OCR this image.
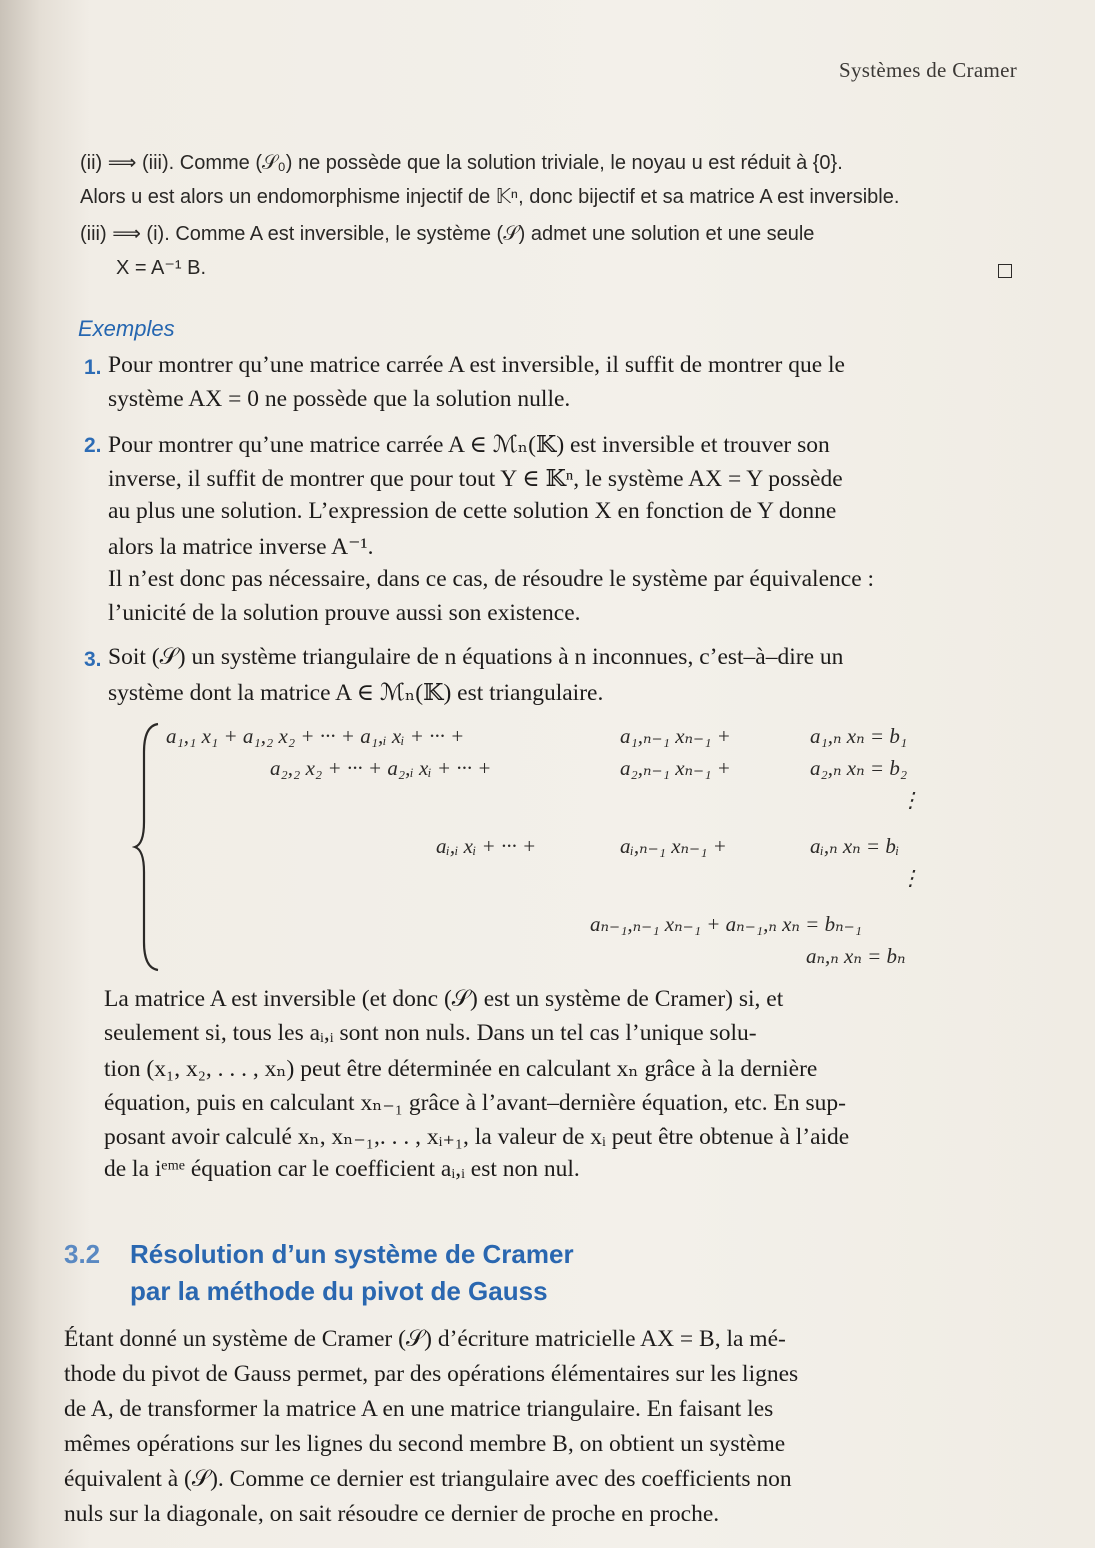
Systèmes de Cramer
(ii) ⟹ (iii). Comme (𝒮₀) ne possède que la solution triviale, le noyau u est réduit à {0}.
Alors u est alors un endomorphisme injectif de 𝕂ⁿ, donc bijectif et sa matrice A est inversible.
(iii) ⟹ (i). Comme A est inversible, le système (𝒮) admet une solution et une seule
X = A⁻¹ B.
Exemples
1. Pour montrer qu’une matrice carrée A est inversible, il suffit de montrer que le
système AX = 0 ne possède que la solution nulle.
2. Pour montrer qu’une matrice carrée A ∈ ℳₙ(𝕂) est inversible et trouver son
inverse, il suffit de montrer que pour tout Y ∈ 𝕂ⁿ, le système AX = Y possède
au plus une solution. L’expression de cette solution X en fonction de Y donne
alors la matrice inverse A⁻¹.
Il n’est donc pas nécessaire, dans ce cas, de résoudre le système par équivalence :
l’unicité de la solution prouve aussi son existence.
3. Soit (𝒮) un système triangulaire de n équations à n inconnues, c’est–à–dire un
système dont la matrice A ∈ ℳₙ(𝕂) est triangulaire.
a₁,₁ x₁ + a₁,₂ x₂ + ··· + a₁,ᵢ xᵢ + ··· +	a₁,ₙ₋₁ xₙ₋₁ +	a₁,ₙ xₙ = b₁
a₂,₂ x₂ + ··· + a₂,ᵢ xᵢ + ··· +	a₂,ₙ₋₁ xₙ₋₁ +	a₂,ₙ xₙ = b₂
⋮
aᵢ,ᵢ xᵢ + ··· +	aᵢ,ₙ₋₁ xₙ₋₁ +	aᵢ,ₙ xₙ = bᵢ
⋮
aₙ₋₁,ₙ₋₁ xₙ₋₁ + aₙ₋₁,ₙ xₙ = bₙ₋₁
aₙ,ₙ xₙ = bₙ
La matrice A est inversible (et donc (𝒮) est un système de Cramer) si, et
seulement si, tous les aᵢ,ᵢ sont non nuls. Dans un tel cas l’unique solu-
tion (x₁, x₂, . . . , xₙ) peut être déterminée en calculant xₙ grâce à la dernière
équation, puis en calculant xₙ₋₁ grâce à l’avant–dernière équation, etc. En sup-
posant avoir calculé xₙ, xₙ₋₁,. . . , xᵢ₊₁, la valeur de xᵢ peut être obtenue à l’aide
de la iᵉᵐᵉ équation car le coefficient aᵢ,ᵢ est non nul.
3.2 Résolution d’un système de Cramer
par la méthode du pivot de Gauss
Étant donné un système de Cramer (𝒮) d’écriture matricielle AX = B, la mé-
thode du pivot de Gauss permet, par des opérations élémentaires sur les lignes
de A, de transformer la matrice A en une matrice triangulaire. En faisant les
mêmes opérations sur les lignes du second membre B, on obtient un système
équivalent à (𝒮). Comme ce dernier est triangulaire avec des coefficients non
nuls sur la diagonale, on sait résoudre ce dernier de proche en proche.
